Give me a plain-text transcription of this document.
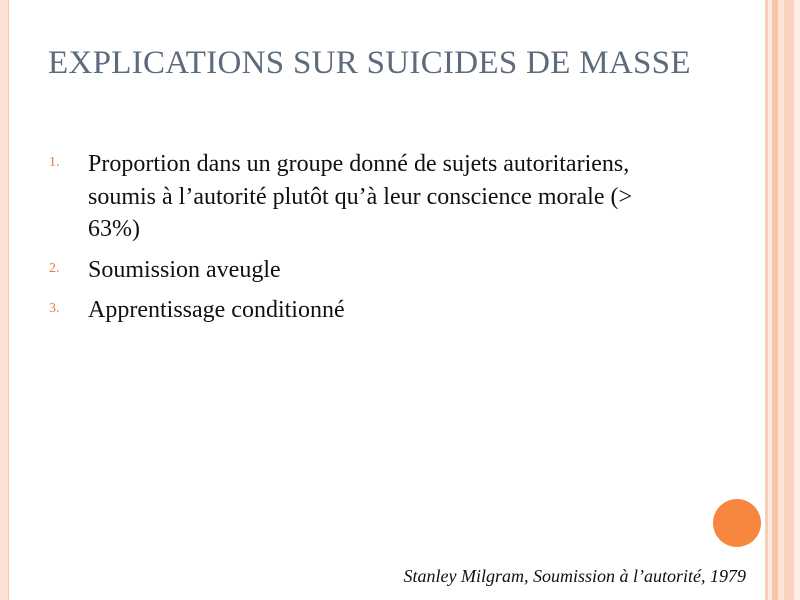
EXPLICATIONS SUR SUICIDES DE MASSE
1. Proportion dans un groupe donné de sujets autoritariens, soumis à l’autorité plutôt qu’à leur conscience morale (> 63%)
2. Soumission aveugle
3. Apprentissage conditionné

Stanley Milgram, Soumission à l’autorité, 1979
